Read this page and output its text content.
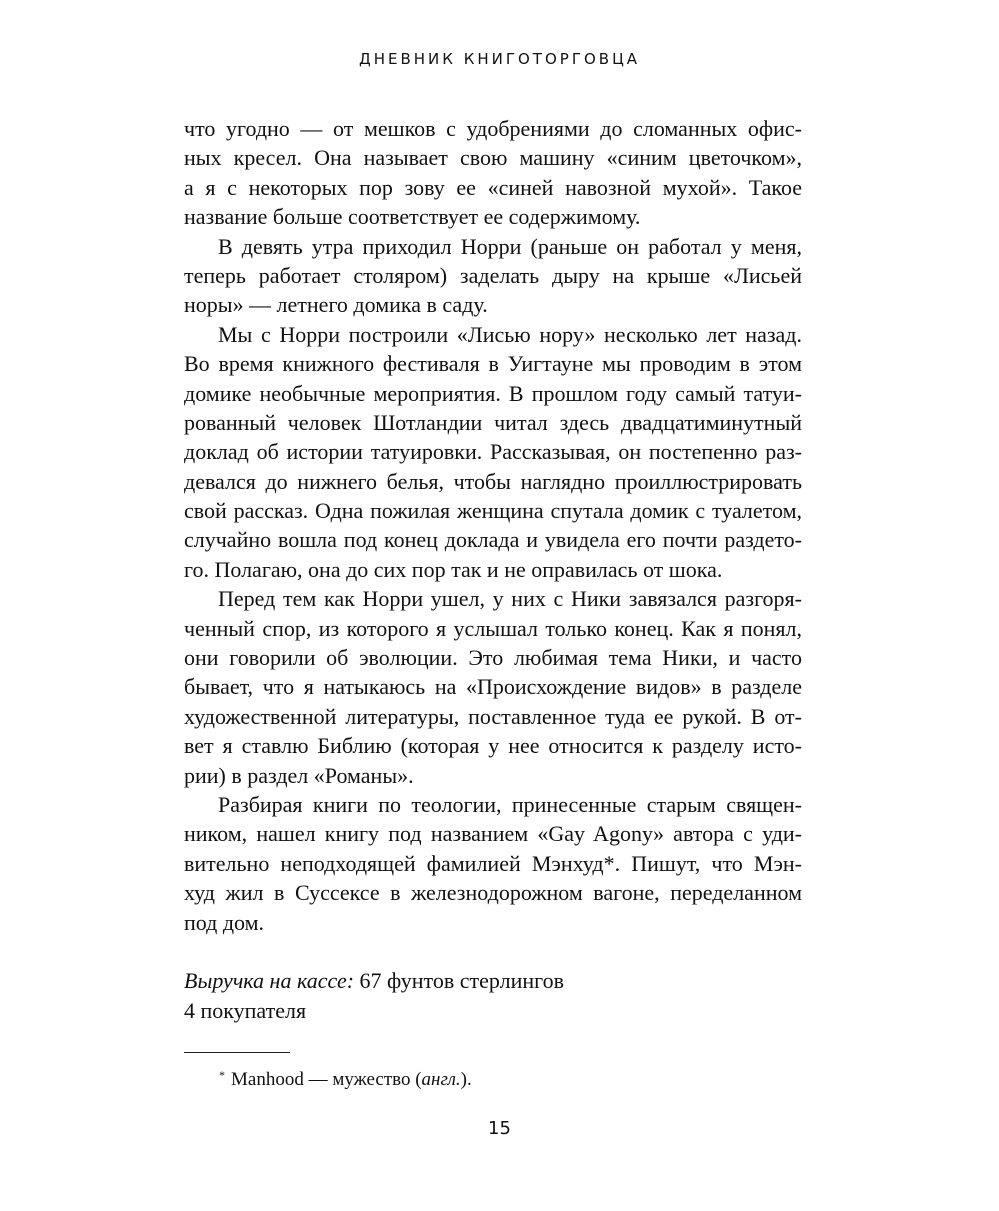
ДНЕВНИК КНИГОТОРГОВЦА
что угодно — от мешков с удобрениями до сломанных офис-
ных кресел. Она называет свою машину «синим цветочком»,
а я с некоторых пор зову ее «синей навозной мухой». Такое
название больше соответствует ее содержимому.
В девять утра приходил Норри (раньше он работал у меня,
теперь работает столяром) заделать дыру на крыше «Лисьей
норы» — летнего домика в саду.
Мы с Норри построили «Лисью нору» несколько лет назад.
Во время книжного фестиваля в Уигтауне мы проводим в этом
домике необычные мероприятия. В прошлом году самый татуи-
рованный человек Шотландии читал здесь двадцатиминутный
доклад об истории татуировки. Рассказывая, он постепенно раз-
девался до нижнего белья, чтобы наглядно проиллюстрировать
свой рассказ. Одна пожилая женщина спутала домик с туалетом,
случайно вошла под конец доклада и увидела его почти раздето-
го. Полагаю, она до сих пор так и не оправилась от шока.
Перед тем как Норри ушел, у них с Ники завязался разгоря-
ченный спор, из которого я услышал только конец. Как я понял,
они говорили об эволюции. Это любимая тема Ники, и часто
бывает, что я натыкаюсь на «Происхождение видов» в разделе
художественной литературы, поставленное туда ее рукой. В от-
вет я ставлю Библию (которая у нее относится к разделу исто-
рии) в раздел «Романы».
Разбирая книги по теологии, принесенные старым священ-
ником, нашел книгу под названием «Gay Agony» автора с уди-
вительно неподходящей фамилией Мэнхуд*. Пишут, что Мэн-
худ жил в Суссексе в железнодорожном вагоне, переделанном
под дом.
Выручка на кассе: 67 фунтов стерлингов
4 покупателя
* Manhood — мужество (англ.).
15
